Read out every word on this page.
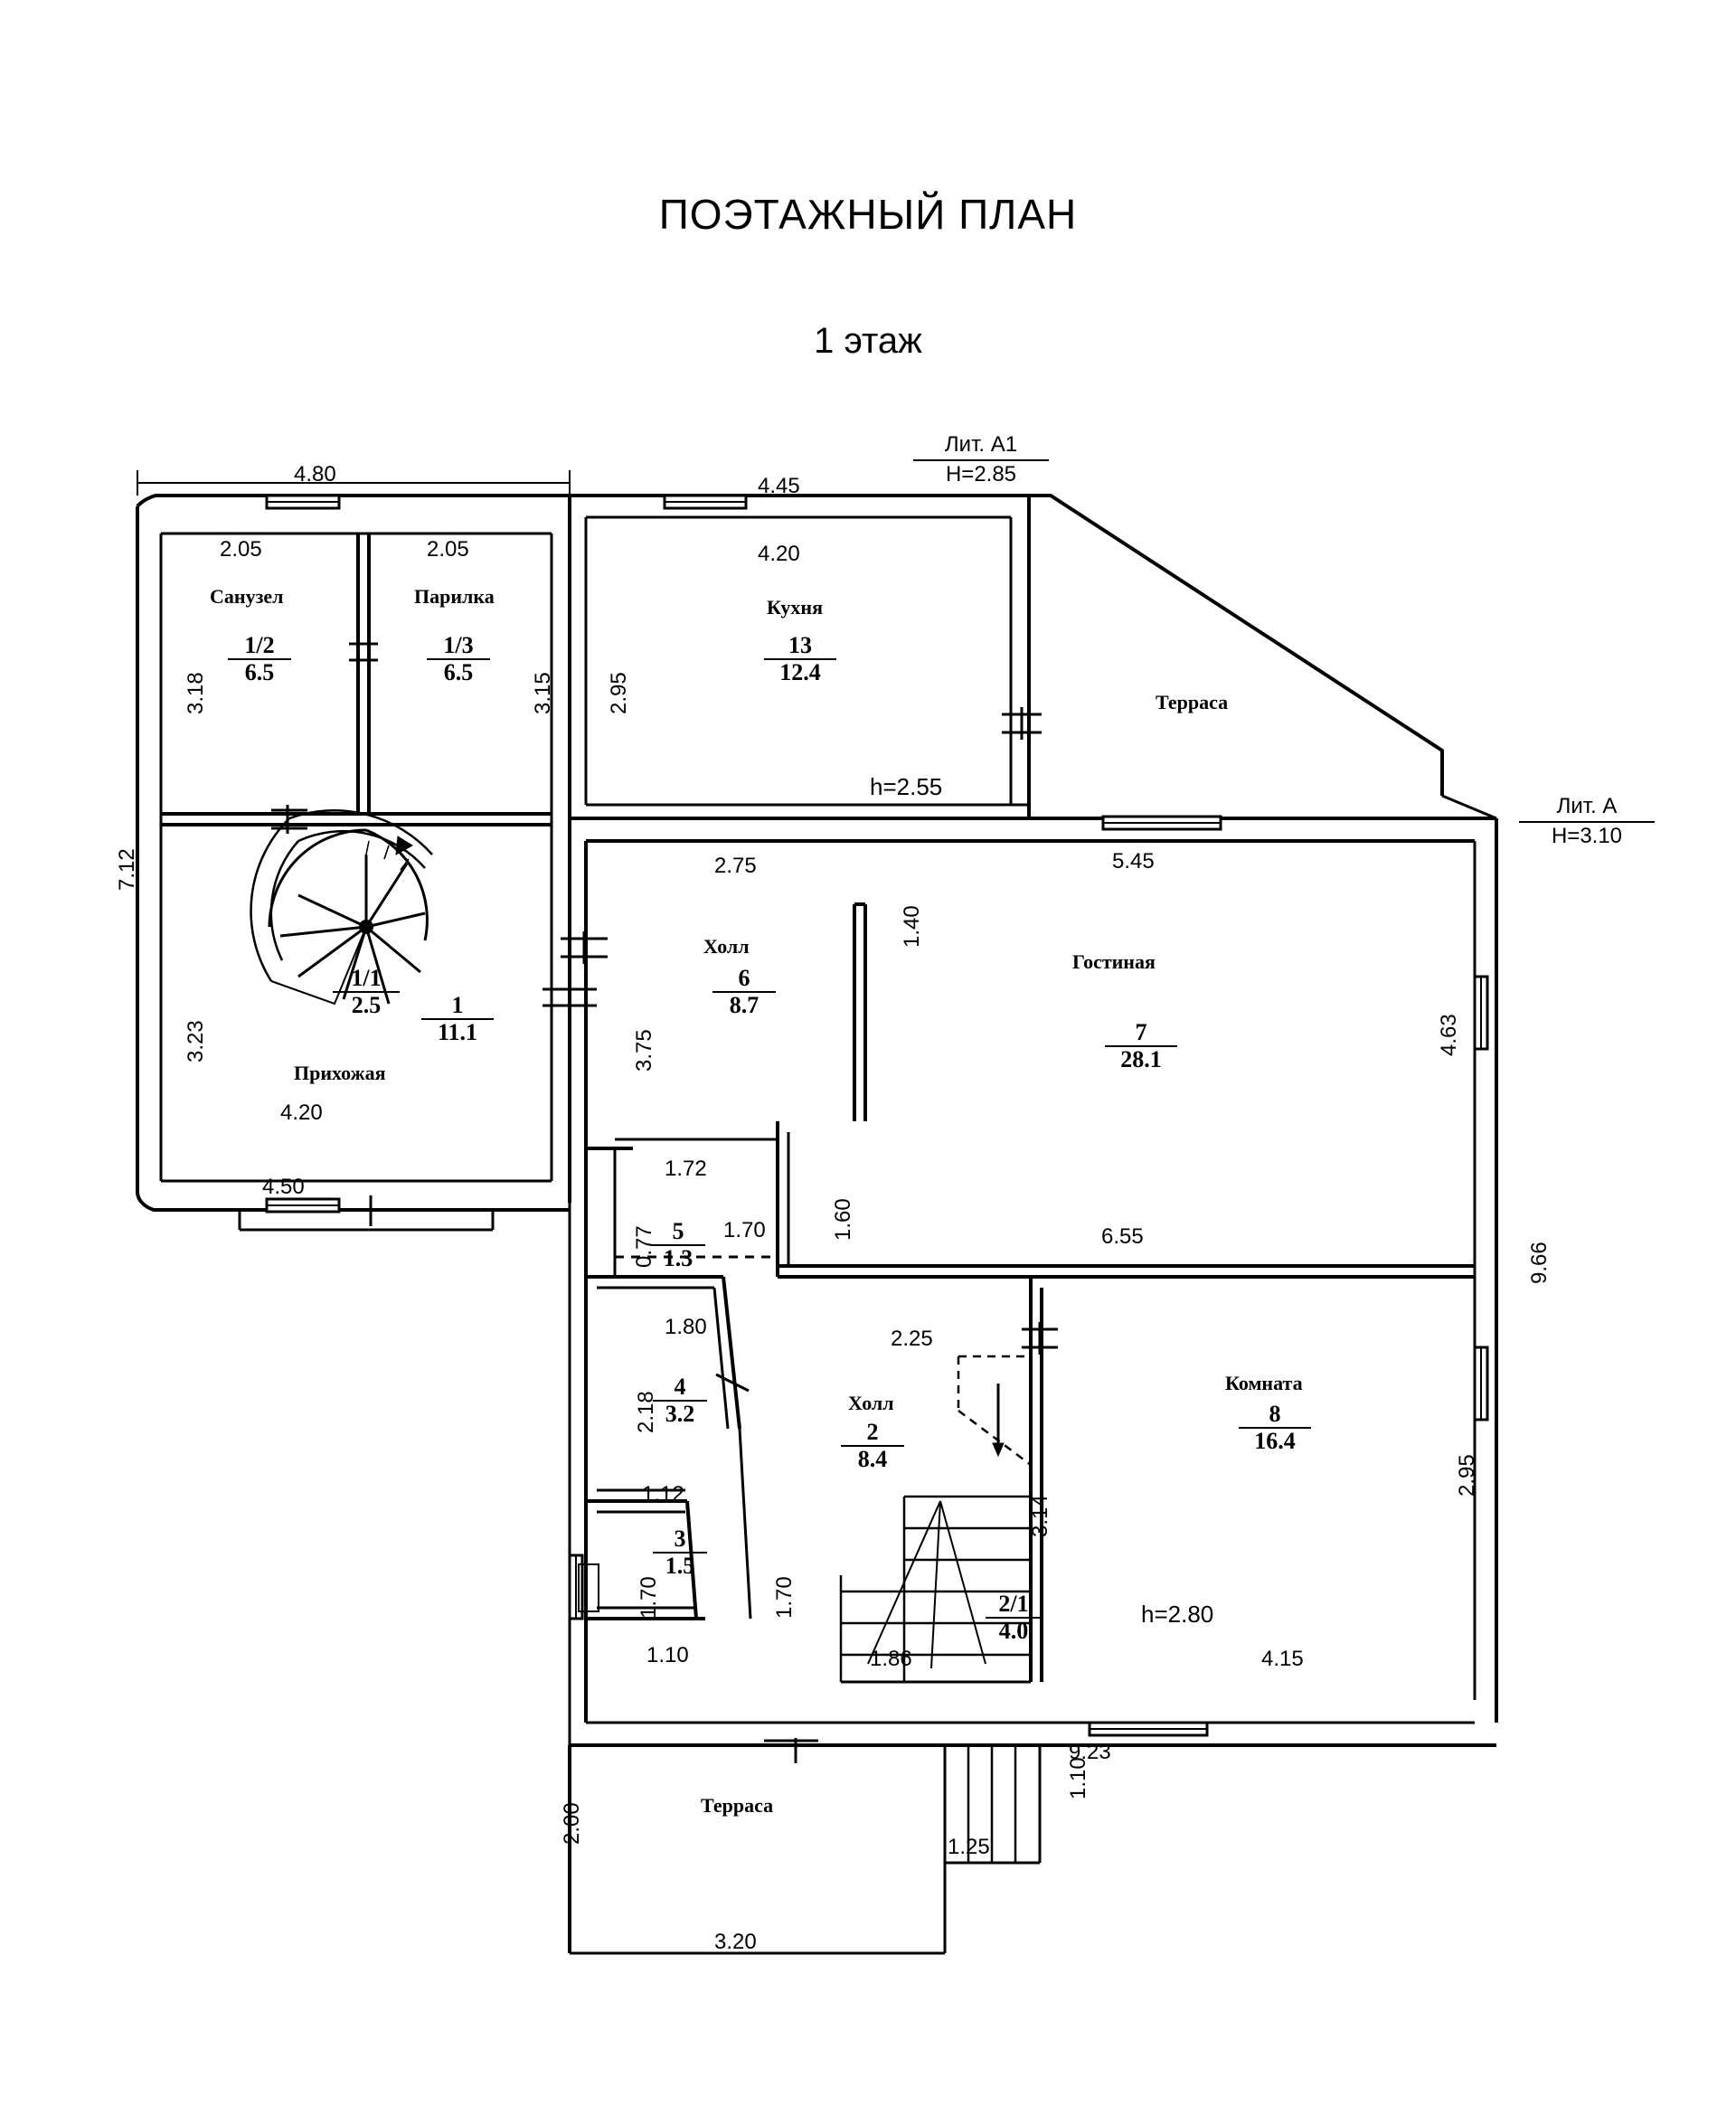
ПОЭТАЖНЫЙ ПЛАН
1 этаж
Лит. А1
H=2.85
Лит. А
H=3.10
Санузел	Парилка	Кухня
Терраса
Холл
Гостиная
Прихожая
Холл
Комната
Терраса
$\frac{1/2}{6.5}$	$\frac{1/3}{6.5}$	$\frac{13}{12.4}$
$\frac{6}{8.7}$
$\frac{7}{28.1}$
$\frac{1}{11.1}$
$\frac{1/1}{2.5}$
$\frac{5}{1.3}$
$\frac{4}{3.2}$
$\frac{2}{8.4}$	$\frac{8}{16.4}$
$\frac{3}{1.5}$
$\frac{2/1}{4.0}$
h=2.55
h=2.80
4.80
2.05	2.05
4.45
4.20
4.20
4.50
2.75	5.45
6.55
1.72
1.70
1.80
1.12
2.25
4.15
1.10	1.86
9.23
1.25
3.20
3.18	3.15 2.95
7.12
3.23
1.40
4.63
9.66
3.75
0.77
1.60
2.18
3.14
2.95
1.70	1.70
1.10
2.00
